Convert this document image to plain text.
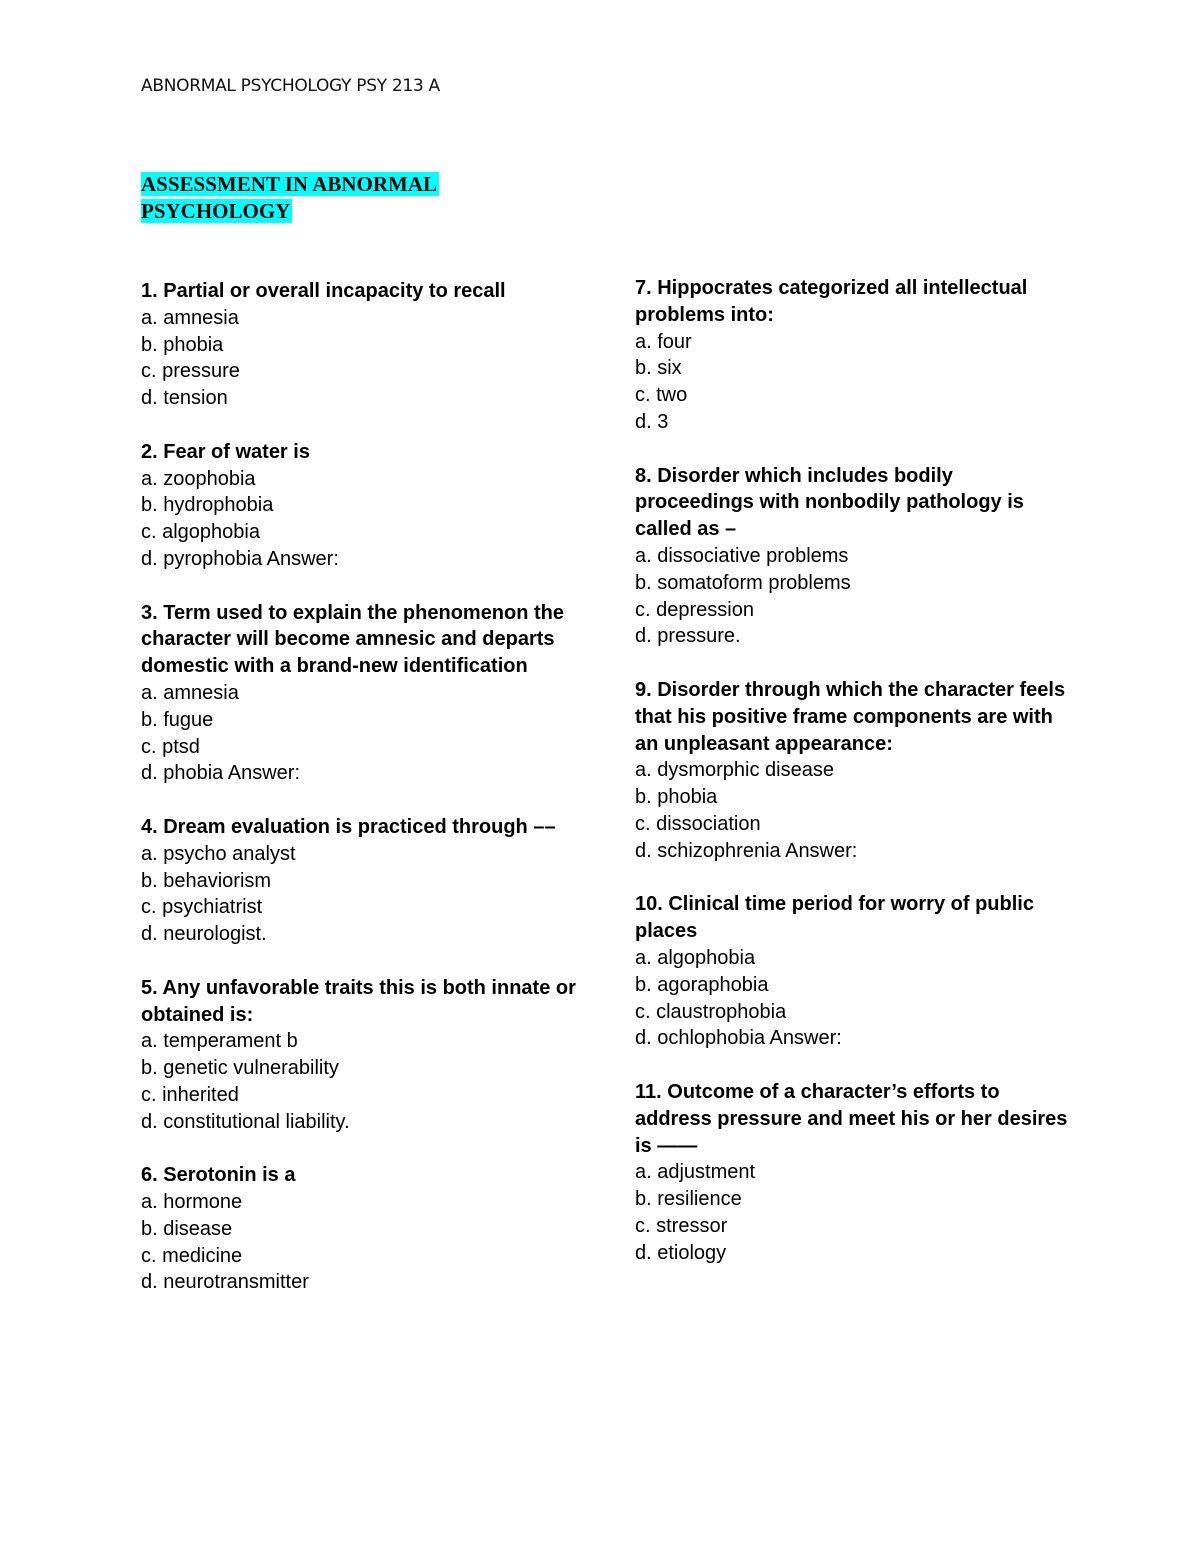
ABNORMAL PSYCHOLOGY PSY 213 A
ASSESSMENT IN ABNORMAL
PSYCHOLOGY
1. Partial or overall incapacity to recall
a. amnesia
b. phobia
c. pressure
d. tension
2. Fear of water is
a. zoophobia
b. hydrophobia
c. algophobia
d. pyrophobia Answer:
3. Term used to explain the phenomenon the character will become amnesic and departs domestic with a brand-new identification
a. amnesia
b. fugue
c. ptsd
d. phobia Answer:
4. Dream evaluation is practiced through ––
a. psycho analyst
b. behaviorism
c. psychiatrist
d. neurologist.
5. Any unfavorable traits this is both innate or obtained is:
a. temperament b
b. genetic vulnerability
c. inherited
d. constitutional liability.
6. Serotonin is a
a. hormone
b. disease
c. medicine
d. neurotransmitter
7. Hippocrates categorized all intellectual problems into:
a. four
b. six
c. two
d. 3
8. Disorder which includes bodily proceedings with nonbodily pathology is called as –
a. dissociative problems
b. somatoform problems
c. depression
d. pressure.
9. Disorder through which the character feels that his positive frame components are with an unpleasant appearance:
a. dysmorphic disease
b. phobia
c. dissociation
d. schizophrenia Answer:
10. Clinical time period for worry of public places
a. algophobia
b. agoraphobia
c. claustrophobia
d. ochlophobia Answer:
11. Outcome of a character’s efforts to address pressure and meet his or her desires is ——
a. adjustment
b. resilience
c. stressor
d. etiology
